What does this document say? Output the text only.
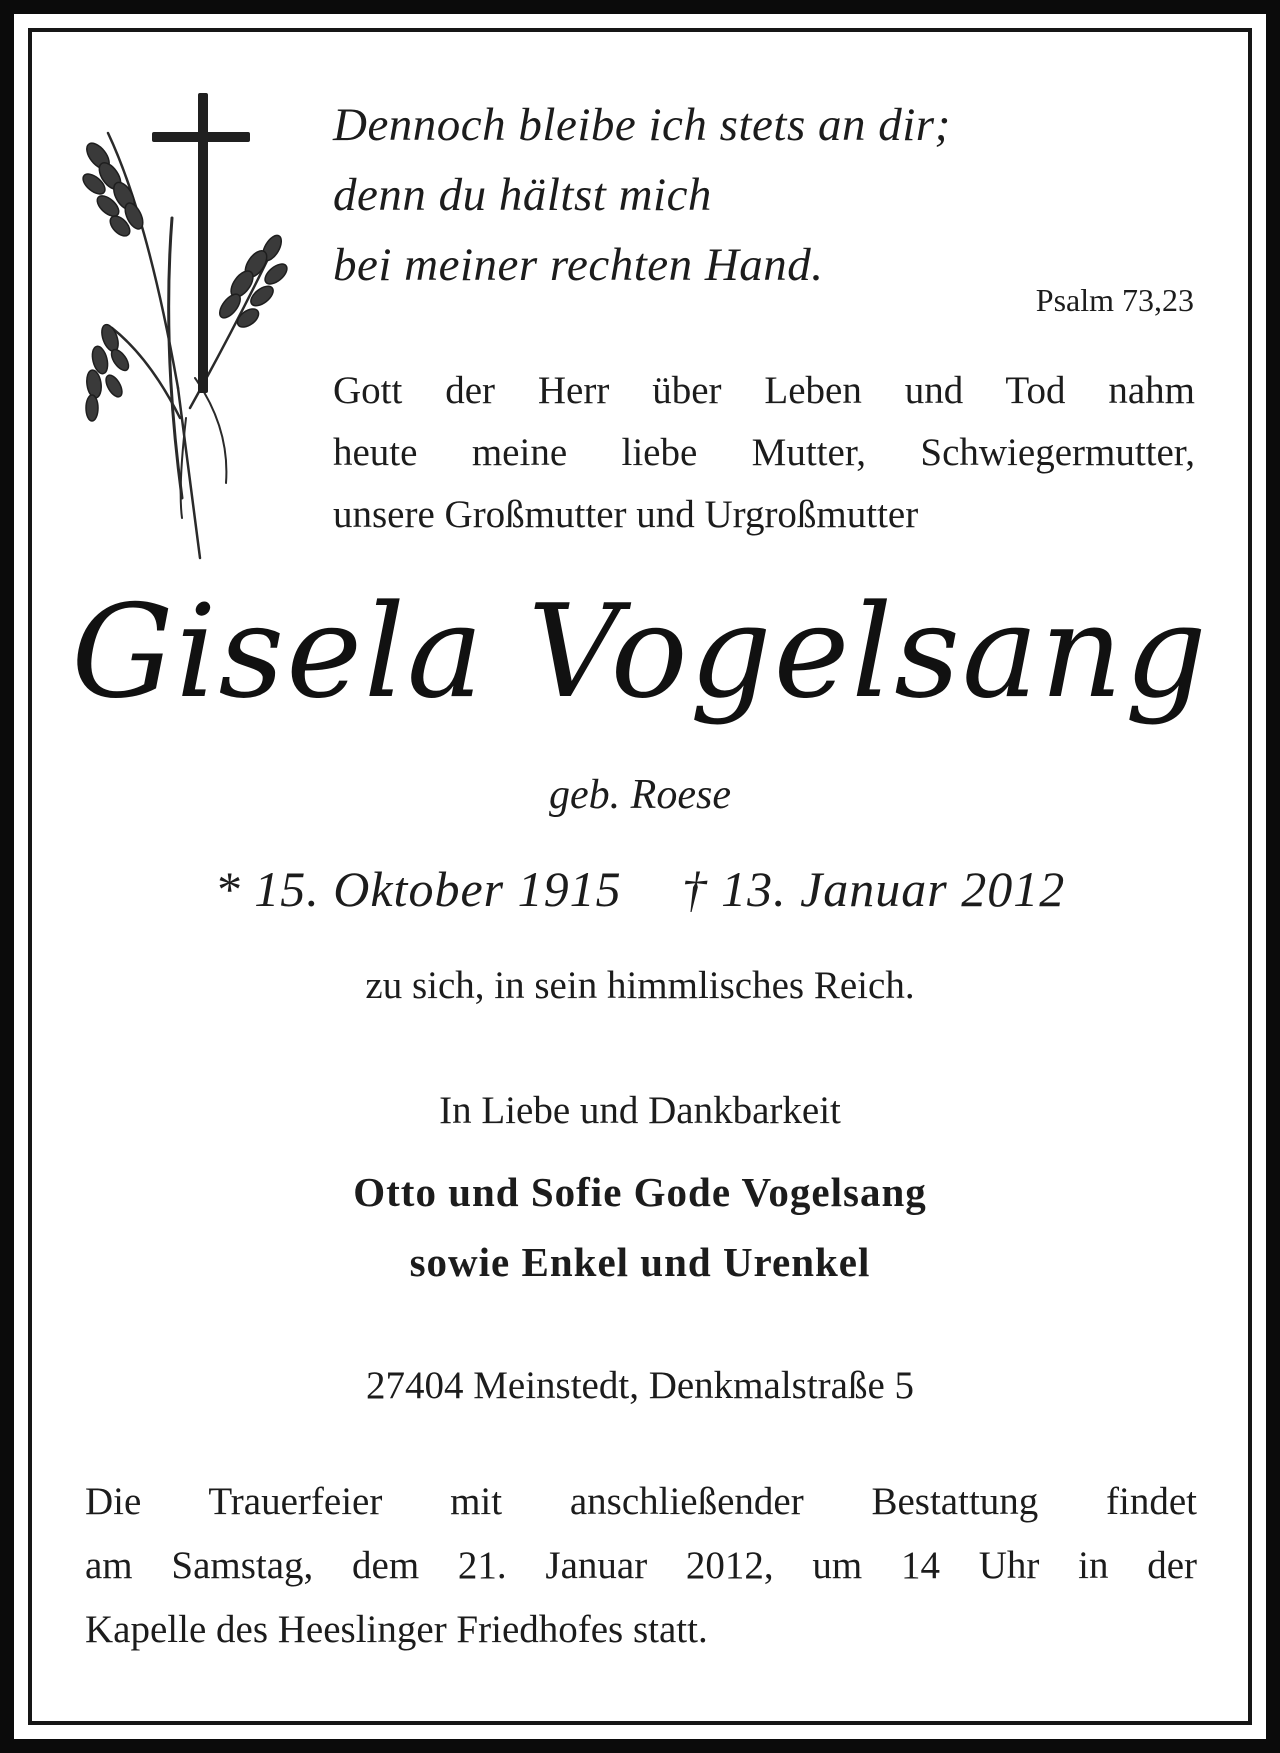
Dennoch bleibe ich stets an dir;
denn du hältst mich
bei meiner rechten Hand.
Psalm 73,23
Gott der Herr über Leben und Tod nahm
heute meine liebe Mutter, Schwiegermutter,
unsere Großmutter und Urgroßmutter
Gisela Vogelsang
geb. Roese
* 15. Oktober 1915 † 13. Januar 2012
zu sich, in sein himmlisches Reich.
In Liebe und Dankbarkeit
Otto und Sofie Gode Vogelsang
sowie Enkel und Urenkel
27404 Meinstedt, Denkmalstraße 5
Die Trauerfeier mit anschließender Bestattung findet
am Samstag, dem 21. Januar 2012, um 14 Uhr in der
Kapelle des Heeslinger Friedhofes statt.
